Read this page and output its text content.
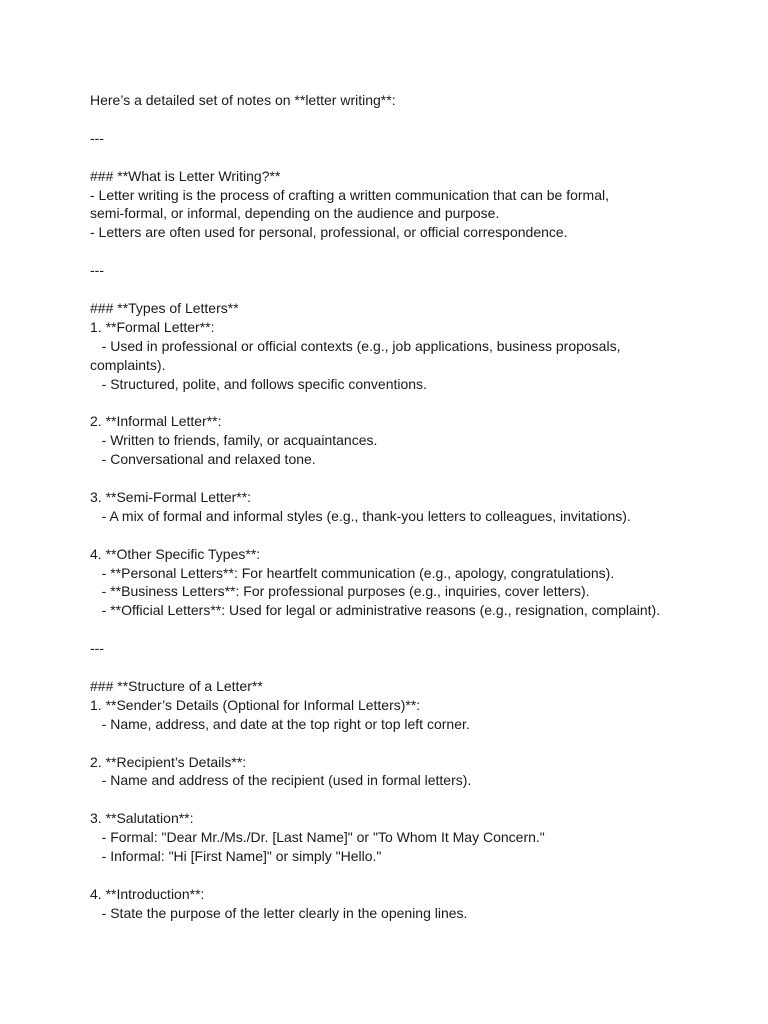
Here’s a detailed set of notes on **letter writing**:
---
### **What is Letter Writing?**
- Letter writing is the process of crafting a written communication that can be formal,
semi-formal, or informal, depending on the audience and purpose.
- Letters are often used for personal, professional, or official correspondence.
---
### **Types of Letters**
1. **Formal Letter**:
- Used in professional or official contexts (e.g., job applications, business proposals,
complaints).
- Structured, polite, and follows specific conventions.
2. **Informal Letter**:
- Written to friends, family, or acquaintances.
- Conversational and relaxed tone.
3. **Semi-Formal Letter**:
- A mix of formal and informal styles (e.g., thank-you letters to colleagues, invitations).
4. **Other Specific Types**:
- **Personal Letters**: For heartfelt communication (e.g., apology, congratulations).
- **Business Letters**: For professional purposes (e.g., inquiries, cover letters).
- **Official Letters**: Used for legal or administrative reasons (e.g., resignation, complaint).
---
### **Structure of a Letter**
1. **Sender’s Details (Optional for Informal Letters)**:
- Name, address, and date at the top right or top left corner.
2. **Recipient’s Details**:
- Name and address of the recipient (used in formal letters).
3. **Salutation**:
- Formal: "Dear Mr./Ms./Dr. [Last Name]" or "To Whom It May Concern."
- Informal: "Hi [First Name]" or simply "Hello."
4. **Introduction**:
- State the purpose of the letter clearly in the opening lines.
